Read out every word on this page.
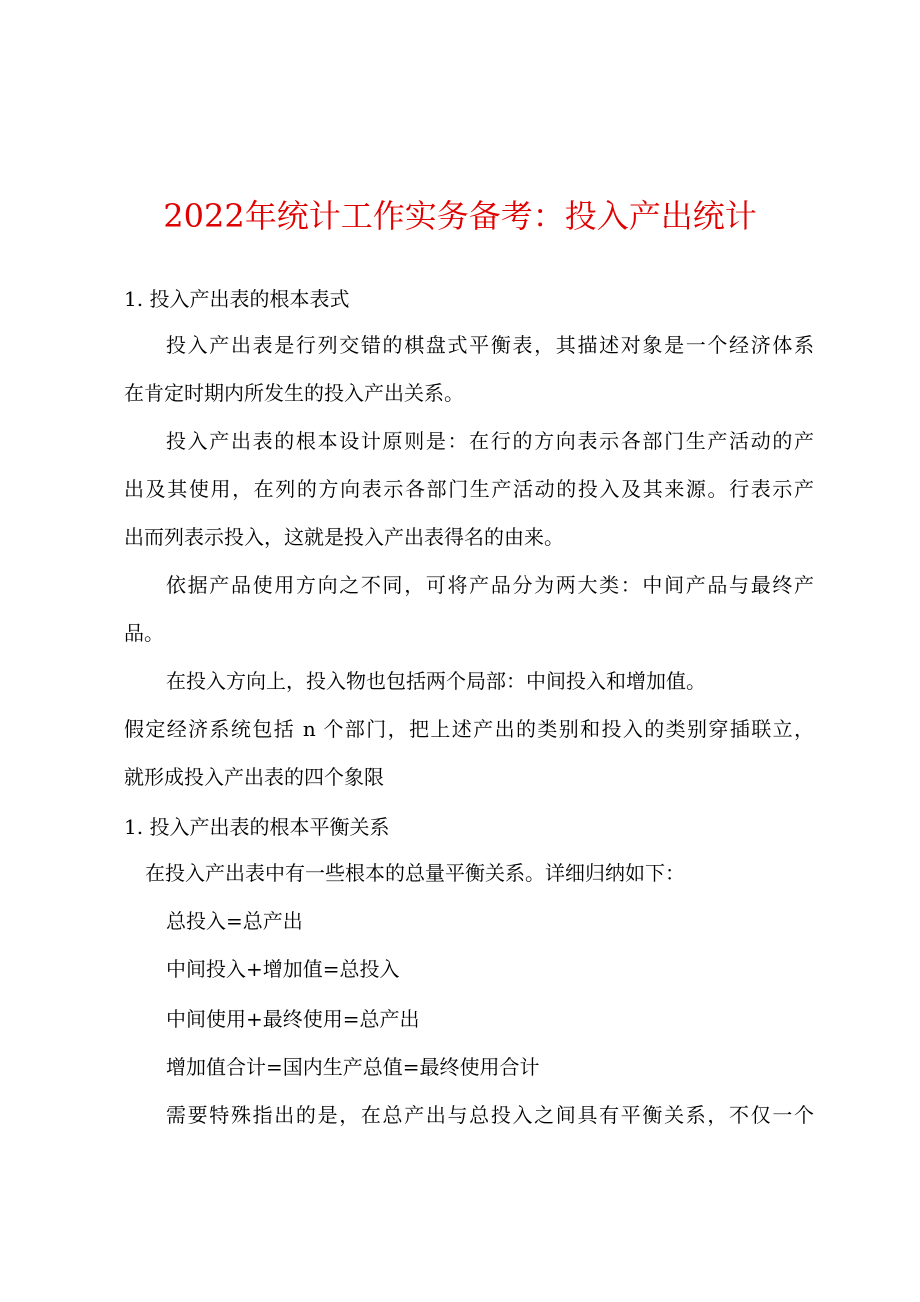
2022年统计工作实务备考：投入产出统计
1. 投入产出表的根本表式
投入产出表是行列交错的棋盘式平衡表，其描述对象是一个经济体系
在肯定时期内所发生的投入产出关系。
投入产出表的根本设计原则是：在行的方向表示各部门生产活动的产
出及其使用，在列的方向表示各部门生产活动的投入及其来源。行表示产
出而列表示投入，这就是投入产出表得名的由来。
依据产品使用方向之不同，可将产品分为两大类：中间产品与最终产
品。
在投入方向上，投入物也包括两个局部：中间投入和增加值。
假定经济系统包括 n 个部门，把上述产出的类别和投入的类别穿插联立，
就形成投入产出表的四个象限
1. 投入产出表的根本平衡关系
在投入产出表中有一些根本的总量平衡关系。详细归纳如下：
总投入=总产出
中间投入+增加值=总投入
中间使用+最终使用=总产出
增加值合计=国内生产总值=最终使用合计
需要特殊指出的是，在总产出与总投入之间具有平衡关系，不仅一个
